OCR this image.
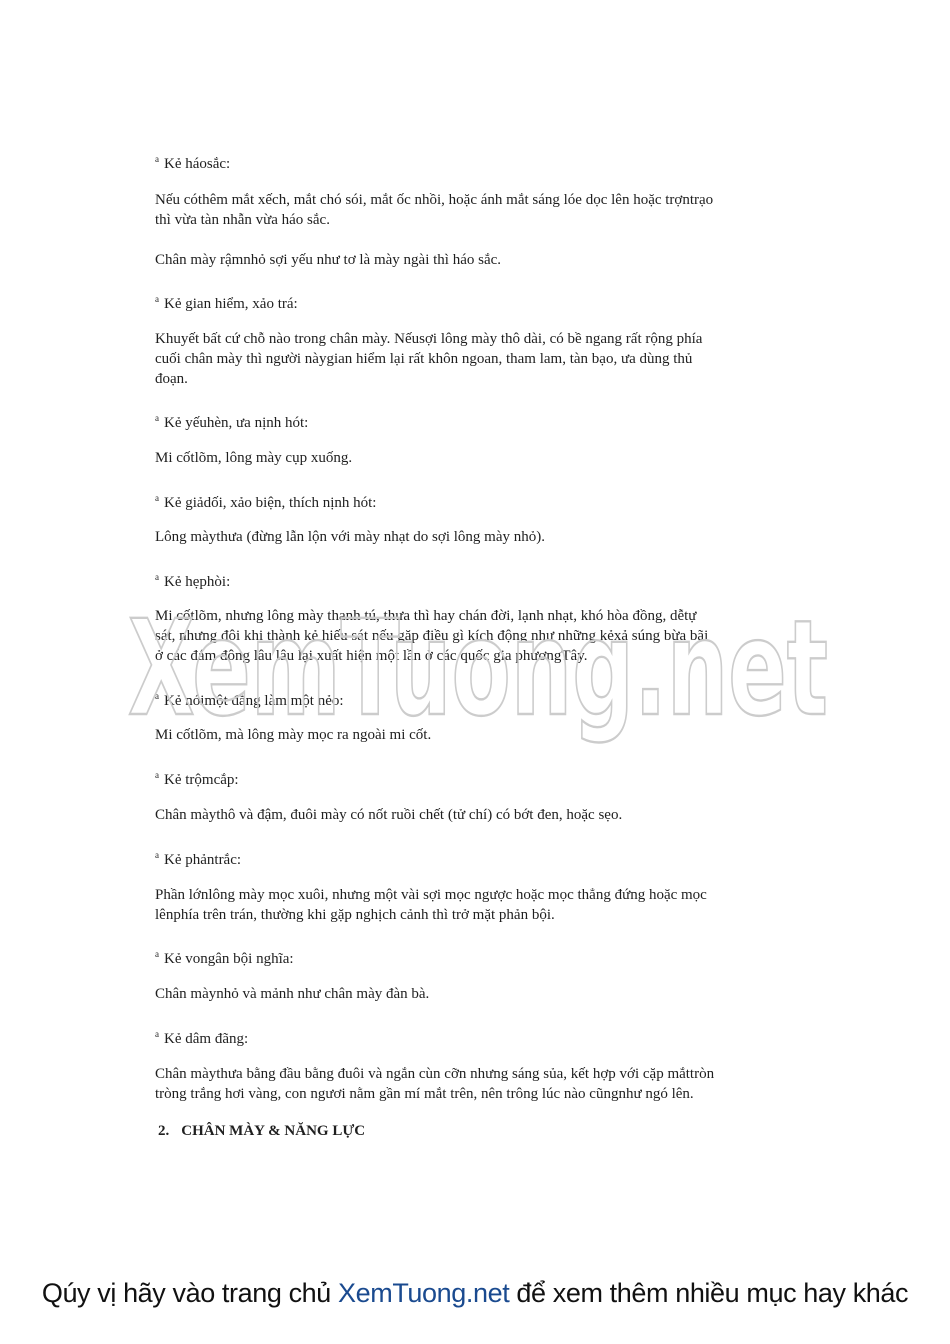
$^a$ Kẻ háosắc:

Nếu cóthêm mắt xếch, mắt chó sói, mắt ốc nhồi, hoặc ánh mắt sáng lóe dọc lên hoặc trợntrạo

thì vừa tàn nhẫn vừa háo sắc.

Chân mày rậmnhỏ sợi yếu như tơ là mày ngài thì háo sắc.

$^a$ Kẻ gian hiểm, xảo trá:

Khuyết bất cứ chỗ nào trong chân mày. Nếusợi lông mày thô dài, có bề ngang rất rộng phía

cuối chân mày thì người nàygian hiểm lại rất khôn ngoan, tham lam, tàn bạo, ưa dùng thủ

đoạn.

$^a$ Kẻ yếuhèn, ưa nịnh hót:

Mi cốtlõm, lông mày cụp xuống.

$^a$ Kẻ giảdối, xảo biện, thích nịnh hót:

Lông màythưa (đừng lẫn lộn với mày nhạt do sợi lông mày nhỏ).

$^a$ Kẻ hẹphòi:

Mi cốtlõm, nhưng lông mày thanh tú, thưa thì hay chán đời, lạnh nhạt, khó hòa đồng, dễtự

sát, nhưng đôi khi thành kẻ hiếu sát nếu gặp điều gì kích động như những kẻxả súng bừa bãi

ở các đám đông lâu lâu lại xuất hiện một lần ở các quốc gia phươngTây.

$^a$ Kẻ nóimột đằng làm một nẻo:

Mi cốtlõm, mà lông mày mọc ra ngoài mi cốt.

$^a$ Kẻ trộmcắp:

Chân màythô và đậm, đuôi mày có nốt ruồi chết (tử chí) có bớt đen, hoặc sẹo.

$^a$ Kẻ phảntrắc:

Phần lớnlông mày mọc xuôi, nhưng một vài sợi mọc ngược hoặc mọc thẳng đứng hoặc mọc

lênphía trên trán, thường khi gặp nghịch cảnh thì trở mặt phản bội.

$^a$ Kẻ vongân bội nghĩa:

Chân màynhỏ và mảnh như chân mày đàn bà.

$^a$ Kẻ dâm đãng:

Chân màythưa bằng đầu bằng đuôi và ngắn cùn cỡn nhưng sáng sủa, kết hợp với cặp mắttròn

tròng trắng hơi vàng, con ngươi nằm gần mí mắt trên, nên trông lúc nào cũngnhư ngó lên.

2. CHÂN MÀY & NĂNG LỰC

XemTuong.net

Qúy vị hãy vào trang chủ XemTuong.net để xem thêm nhiều mục hay khác
